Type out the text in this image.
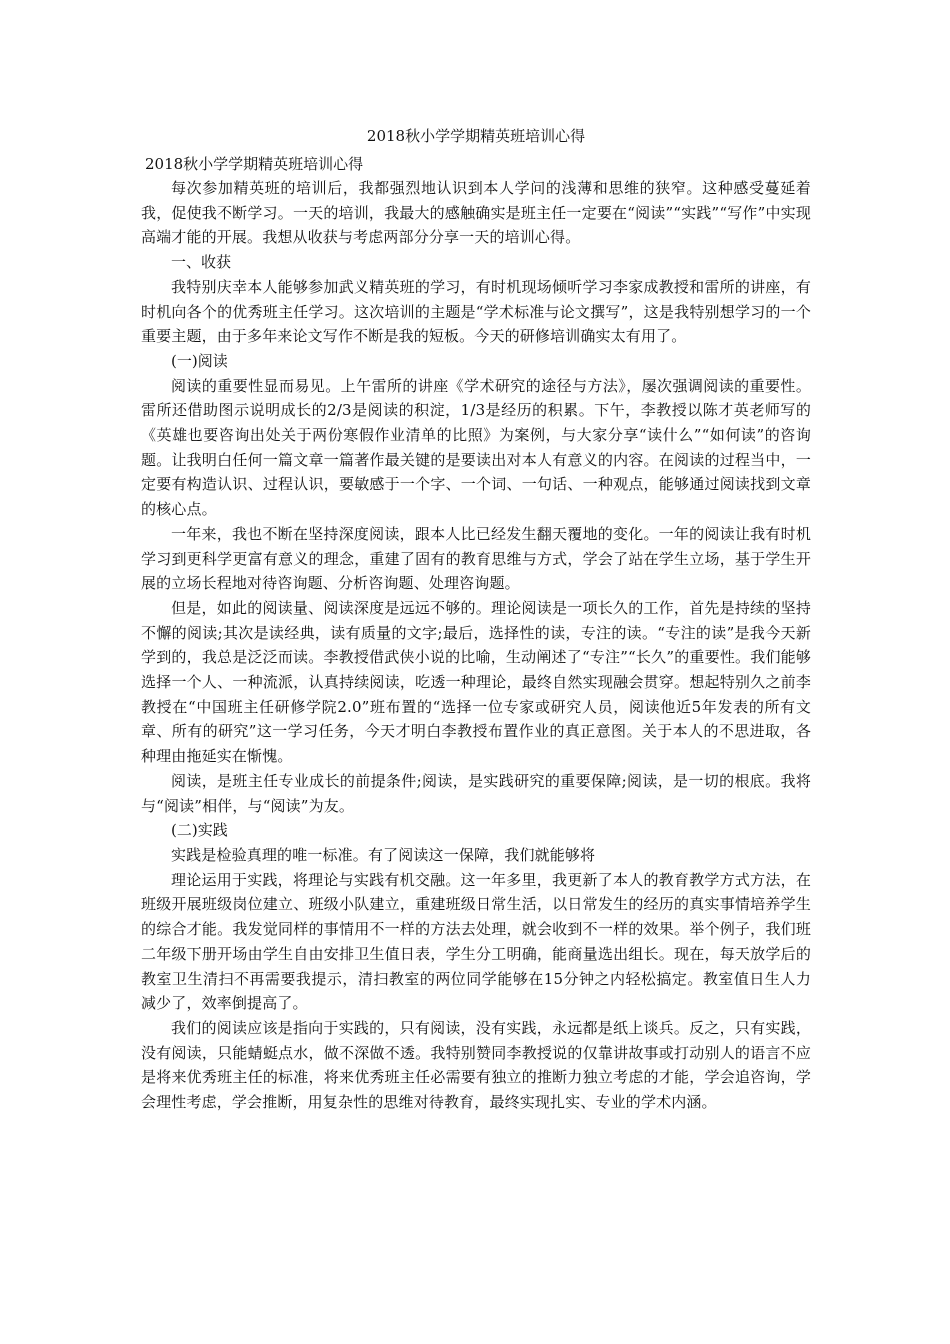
2018秋小学学期精英班培训心得

2018秋小学学期精英班培训心得

每次参加精英班的培训后，我都强烈地认识到本人学问的浅薄和思维的狭窄。这种感受蔓延着我，促使我不断学习。一天的培训，我最大的感触确实是班主任一定要在“阅读”“实践”“写作”中实现高端才能的开展。我想从收获与考虑两部分分享一天的培训心得。

一、收获

我特别庆幸本人能够参加武义精英班的学习，有时机现场倾听学习李家成教授和雷所的讲座，有时机向各个的优秀班主任学习。这次培训的主题是“学术标准与论文撰写”，这是我特别想学习的一个重要主题，由于多年来论文写作不断是我的短板。今天的研修培训确实太有用了。

(一)阅读

阅读的重要性显而易见。上午雷所的讲座《学术研究的途径与方法》，屡次强调阅读的重要性。雷所还借助图示说明成长的2/3是阅读的积淀，1/3是经历的积累。下午，李教授以陈才英老师写的《英雄也要咨询出处关于两份寒假作业清单的比照》为案例，与大家分享“读什么”“如何读”的咨询题。让我明白任何一篇文章一篇著作最关键的是要读出对本人有意义的内容。在阅读的过程当中，一定要有构造认识、过程认识，要敏感于一个字、一个词、一句话、一种观点，能够通过阅读找到文章的核心点。

一年来，我也不断在坚持深度阅读，跟本人比已经发生翻天覆地的变化。一年的阅读让我有时机学习到更科学更富有意义的理念，重建了固有的教育思维与方式，学会了站在学生立场，基于学生开展的立场长程地对待咨询题、分析咨询题、处理咨询题。

但是，如此的阅读量、阅读深度是远远不够的。理论阅读是一项长久的工作，首先是持续的坚持不懈的阅读;其次是读经典，读有质量的文字;最后，选择性的读，专注的读。“专注的读”是我今天新学到的，我总是泛泛而读。李教授借武侠小说的比喻，生动阐述了“专注”“长久”的重要性。我们能够选择一个人、一种流派，认真持续阅读，吃透一种理论，最终自然实现融会贯穿。想起特别久之前李教授在“中国班主任研修学院2.0”班布置的“选择一位专家或研究人员，阅读他近5年发表的所有文章、所有的研究”这一学习任务，今天才明白李教授布置作业的真正意图。关于本人的不思进取，各种理由拖延实在惭愧。

阅读，是班主任专业成长的前提条件;阅读，是实践研究的重要保障;阅读，是一切的根底。我将与“阅读”相伴，与“阅读”为友。

(二)实践

实践是检验真理的唯一标准。有了阅读这一保障，我们就能够将

理论运用于实践，将理论与实践有机交融。这一年多里，我更新了本人的教育教学方式方法，在班级开展班级岗位建立、班级小队建立，重建班级日常生活，以日常发生的经历的真实事情培养学生的综合才能。我发觉同样的事情用不一样的方法去处理，就会收到不一样的效果。举个例子，我们班二年级下册开场由学生自由安排卫生值日表，学生分工明确，能商量选出组长。现在，每天放学后的教室卫生清扫不再需要我提示，清扫教室的两位同学能够在15分钟之内轻松搞定。教室值日生人力减少了，效率倒提高了。

我们的阅读应该是指向于实践的，只有阅读，没有实践，永远都是纸上谈兵。反之，只有实践，没有阅读，只能蜻蜓点水，做不深做不透。我特别赞同李教授说的仅靠讲故事或打动别人的语言不应是将来优秀班主任的标准，将来优秀班主任必需要有独立的推断力独立考虑的才能，学会追咨询，学会理性考虑，学会推断，用复杂性的思维对待教育，最终实现扎实、专业的学术内涵。
